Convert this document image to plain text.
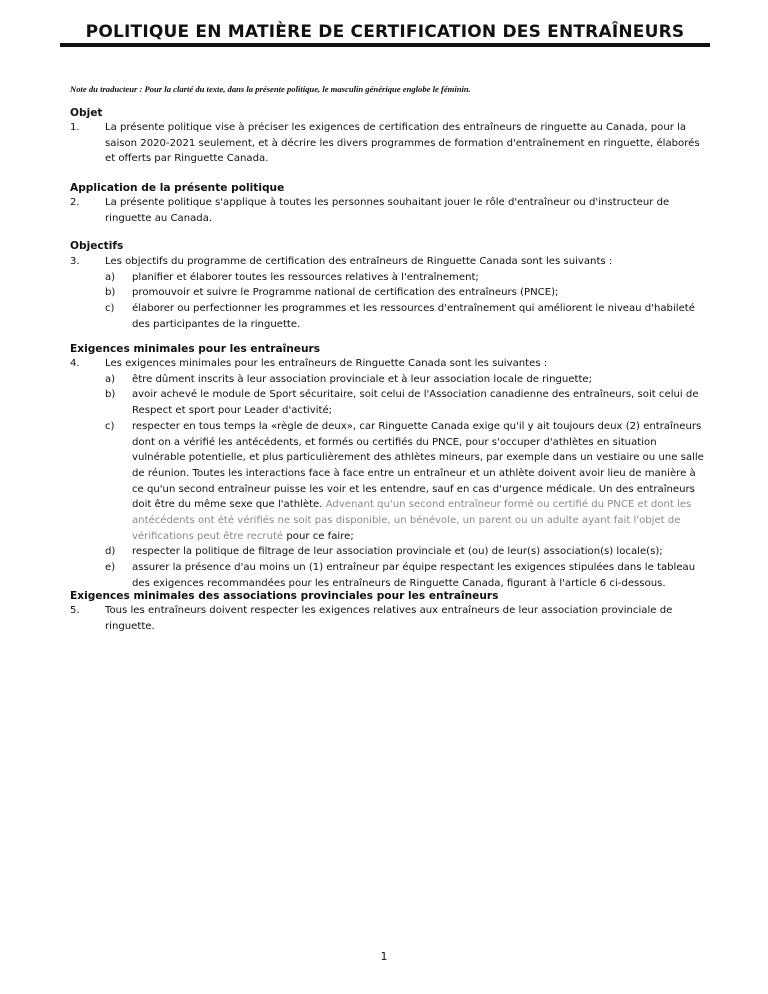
POLITIQUE EN MATIÈRE DE CERTIFICATION DES ENTRAÎNEURS
Note du traducteur : Pour la clarté du texte, dans la présente politique, le masculin générique englobe le féminin.
Objet
1.	La présente politique vise à préciser les exigences de certification des entraîneurs de ringuette au Canada, pour la saison 2020-2021 seulement, et à décrire les divers programmes de formation d'entraînement en ringuette, élaborés et offerts par Ringuette Canada.
Application de la présente politique
2.	La présente politique s'applique à toutes les personnes souhaitant jouer le rôle d'entraîneur ou d'instructeur de ringuette au Canada.
Objectifs
3.	Les objectifs du programme de certification des entraîneurs de Ringuette Canada sont les suivants :
a) planifier et élaborer toutes les ressources relatives à l'entraînement;
b) promouvoir et suivre le Programme national de certification des entraîneurs (PNCE);
c) élaborer ou perfectionner les programmes et les ressources d'entraînement qui améliorent le niveau d'habileté des participantes de la ringuette.
Exigences minimales pour les entraîneurs
4.	Les exigences minimales pour les entraîneurs de Ringuette Canada sont les suivantes :
a) être dûment inscrits à leur association provinciale et à leur association locale de ringuette;
b) avoir achevé le module de Sport sécuritaire, soit celui de l'Association canadienne des entraîneurs, soit celui de Respect et sport pour Leader d'activité;
c) respecter en tous temps la «règle de deux», car Ringuette Canada exige qu'il y ait toujours deux (2) entraîneurs dont on a vérifié les antécédents, et formés ou certifiés du PNCE, pour s'occuper d'athlètes en situation vulnérable potentielle, et plus particulièrement des athlètes mineurs, par exemple dans un vestiaire ou une salle de réunion. Toutes les interactions face à face entre un entraîneur et un athlète doivent avoir lieu de manière à ce qu'un second entraîneur puisse les voir et les entendre, sauf en cas d'urgence médicale. Un des entraîneurs doit être du même sexe que l'athlète. Advenant qu'un second entraîneur formé ou certifié du PNCE et dont les antécédents ont été vérifiés ne soit pas disponible, un bénévole, un parent ou un adulte ayant fait l'objet de vérifications peut être recruté pour ce faire;
d) respecter la politique de filtrage de leur association provinciale et (ou) de leur(s) association(s) locale(s);
e) assurer la présence d'au moins un (1) entraîneur par équipe respectant les exigences stipulées dans le tableau des exigences recommandées pour les entraîneurs de Ringuette Canada, figurant à l'article 6 ci-dessous.
Exigences minimales des associations provinciales pour les entraîneurs
5.	Tous les entraîneurs doivent respecter les exigences relatives aux entraîneurs de leur association provinciale de ringuette.
1
